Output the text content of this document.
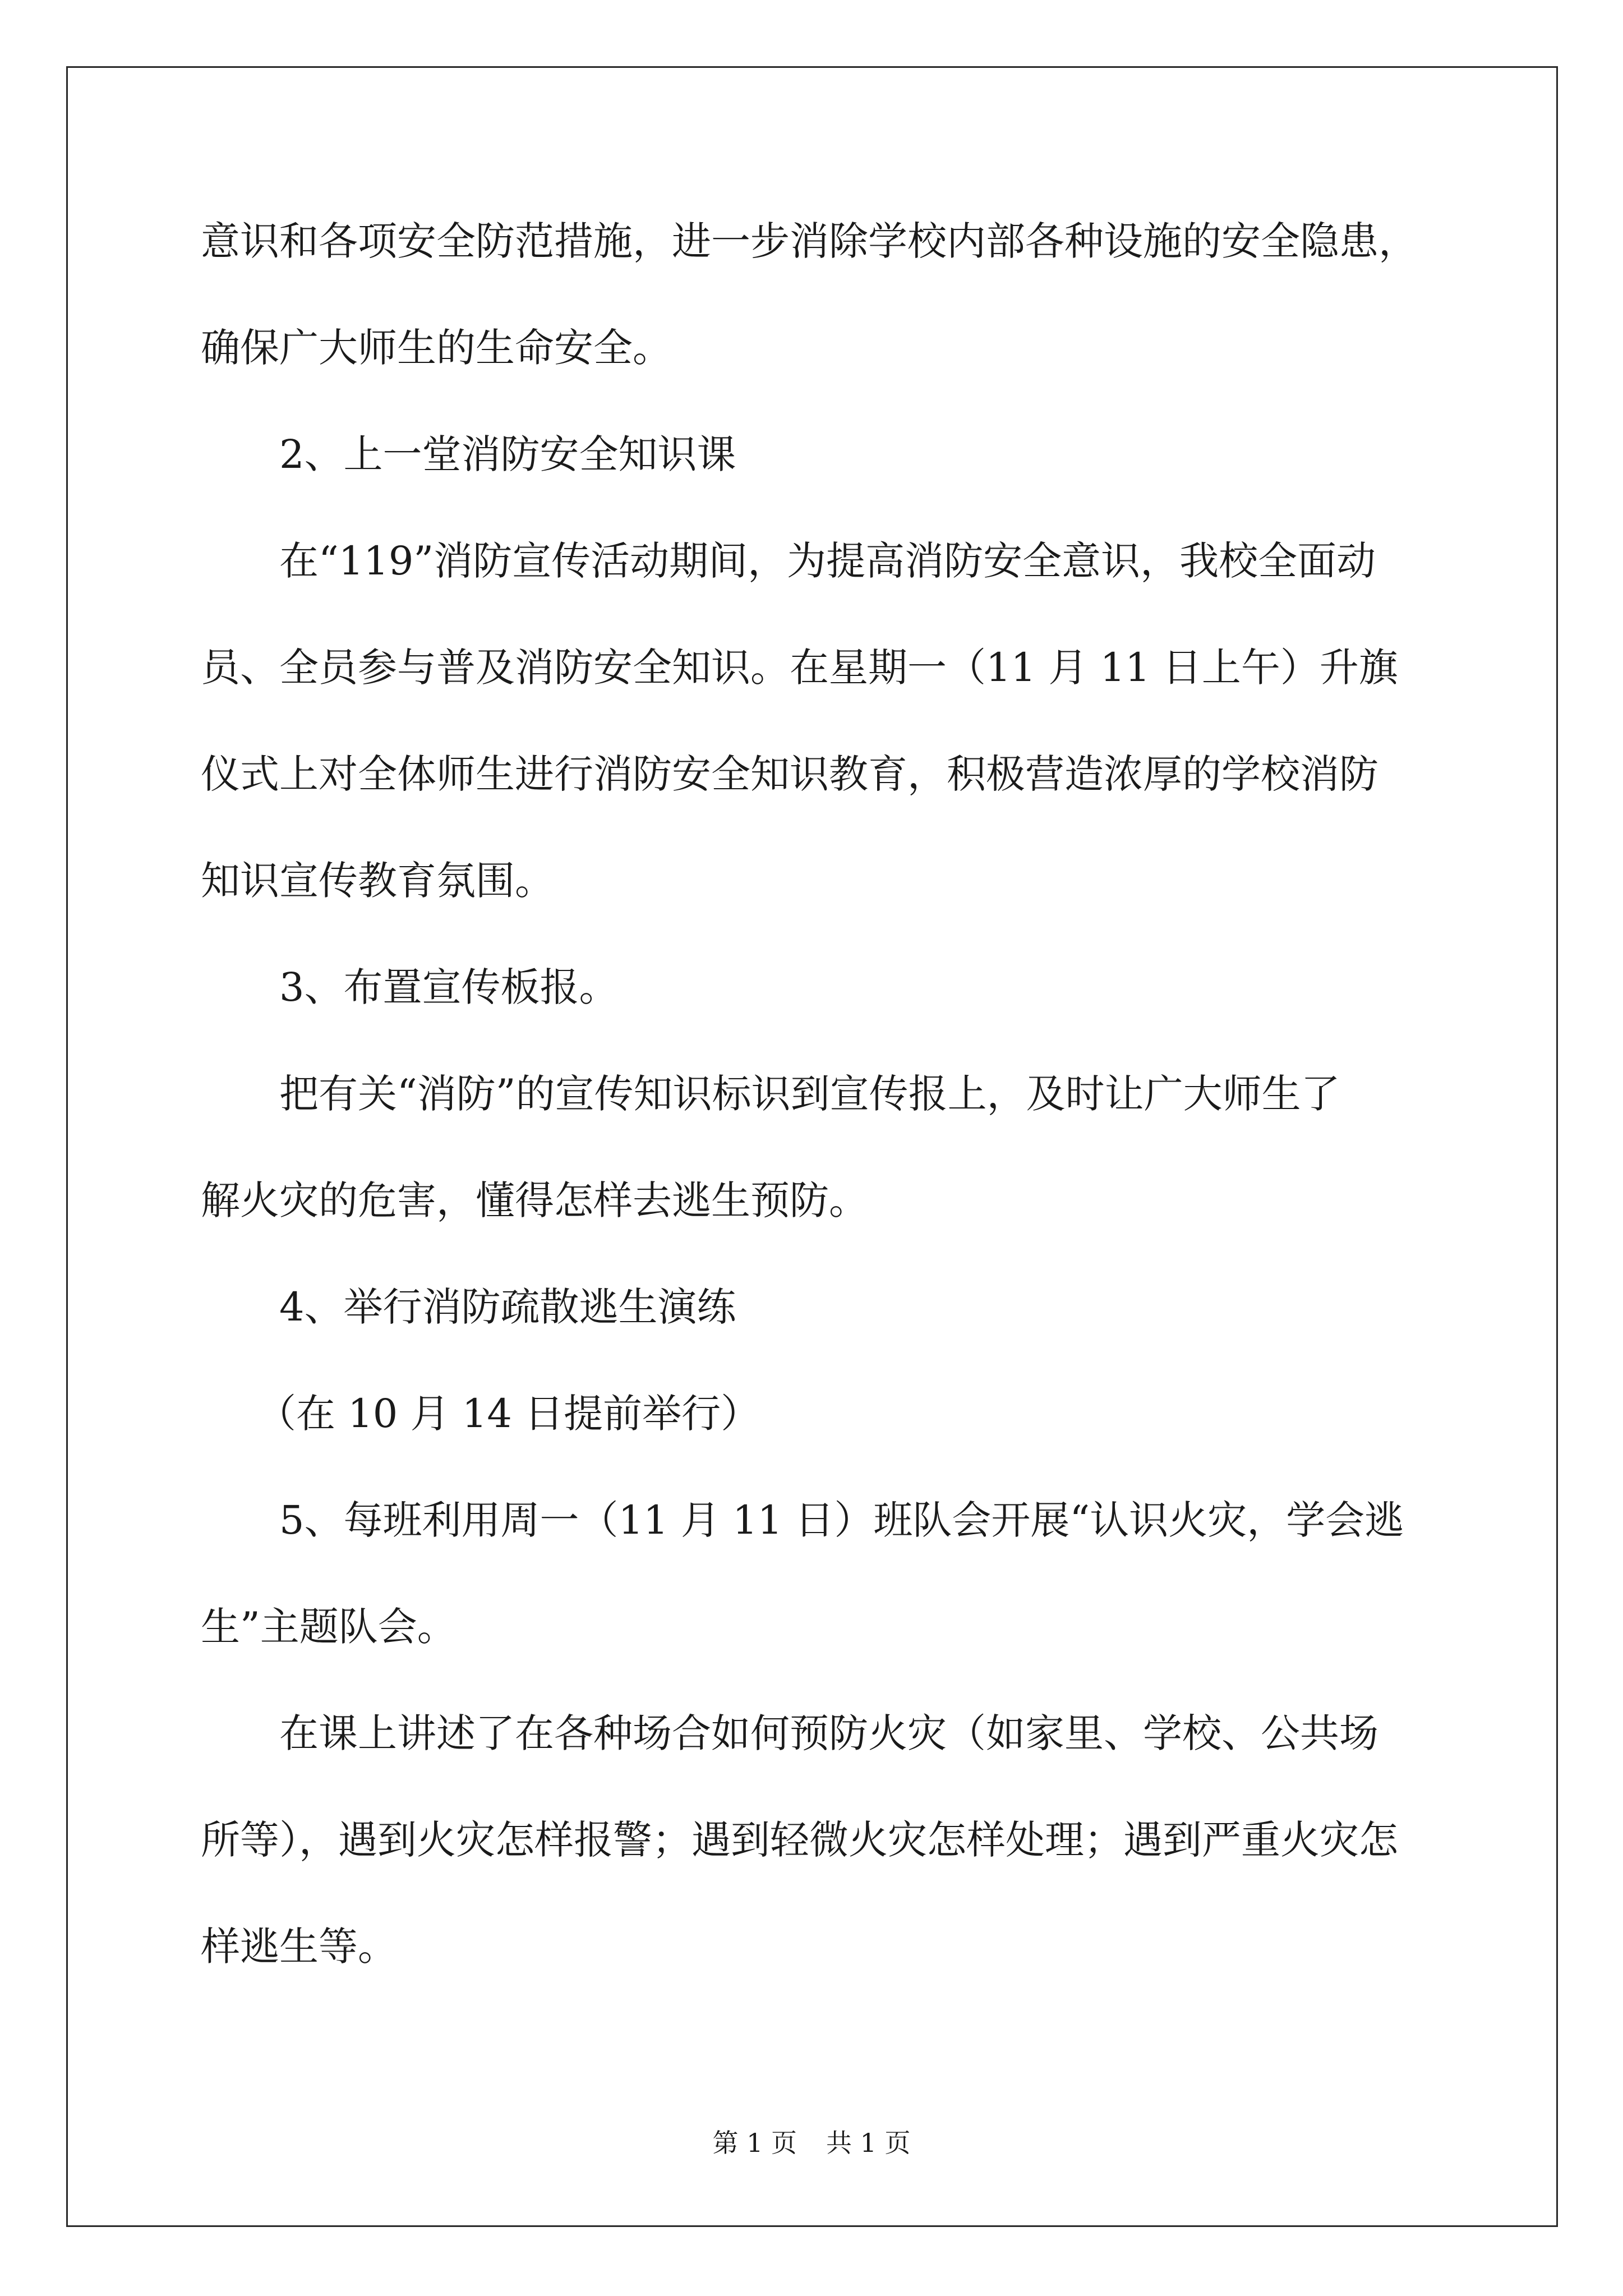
意识和各项安全防范措施，进一步消除学校内部各种设施的安全隐患，
确保广大师生的生命安全。
2、上一堂消防安全知识课
在“119”消防宣传活动期间，为提高消防安全意识，我校全面动
员、全员参与普及消防安全知识。在星期一（11 月 11 日上午）升旗
仪式上对全体师生进行消防安全知识教育，积极营造浓厚的学校消防
知识宣传教育氛围。
3、布置宣传板报。
把有关“消防”的宣传知识标识到宣传报上，及时让广大师生了
解火灾的危害，懂得怎样去逃生预防。
4、举行消防疏散逃生演练
（在 10 月 14 日提前举行）
5、每班利用周一（11 月 11 日）班队会开展“认识火灾，学会逃
生”主题队会。
在课上讲述了在各种场合如何预防火灾（如家里、学校、公共场
所等），遇到火灾怎样报警；遇到轻微火灾怎样处理；遇到严重火灾怎
样逃生等。
第 1 页 共 1 页
